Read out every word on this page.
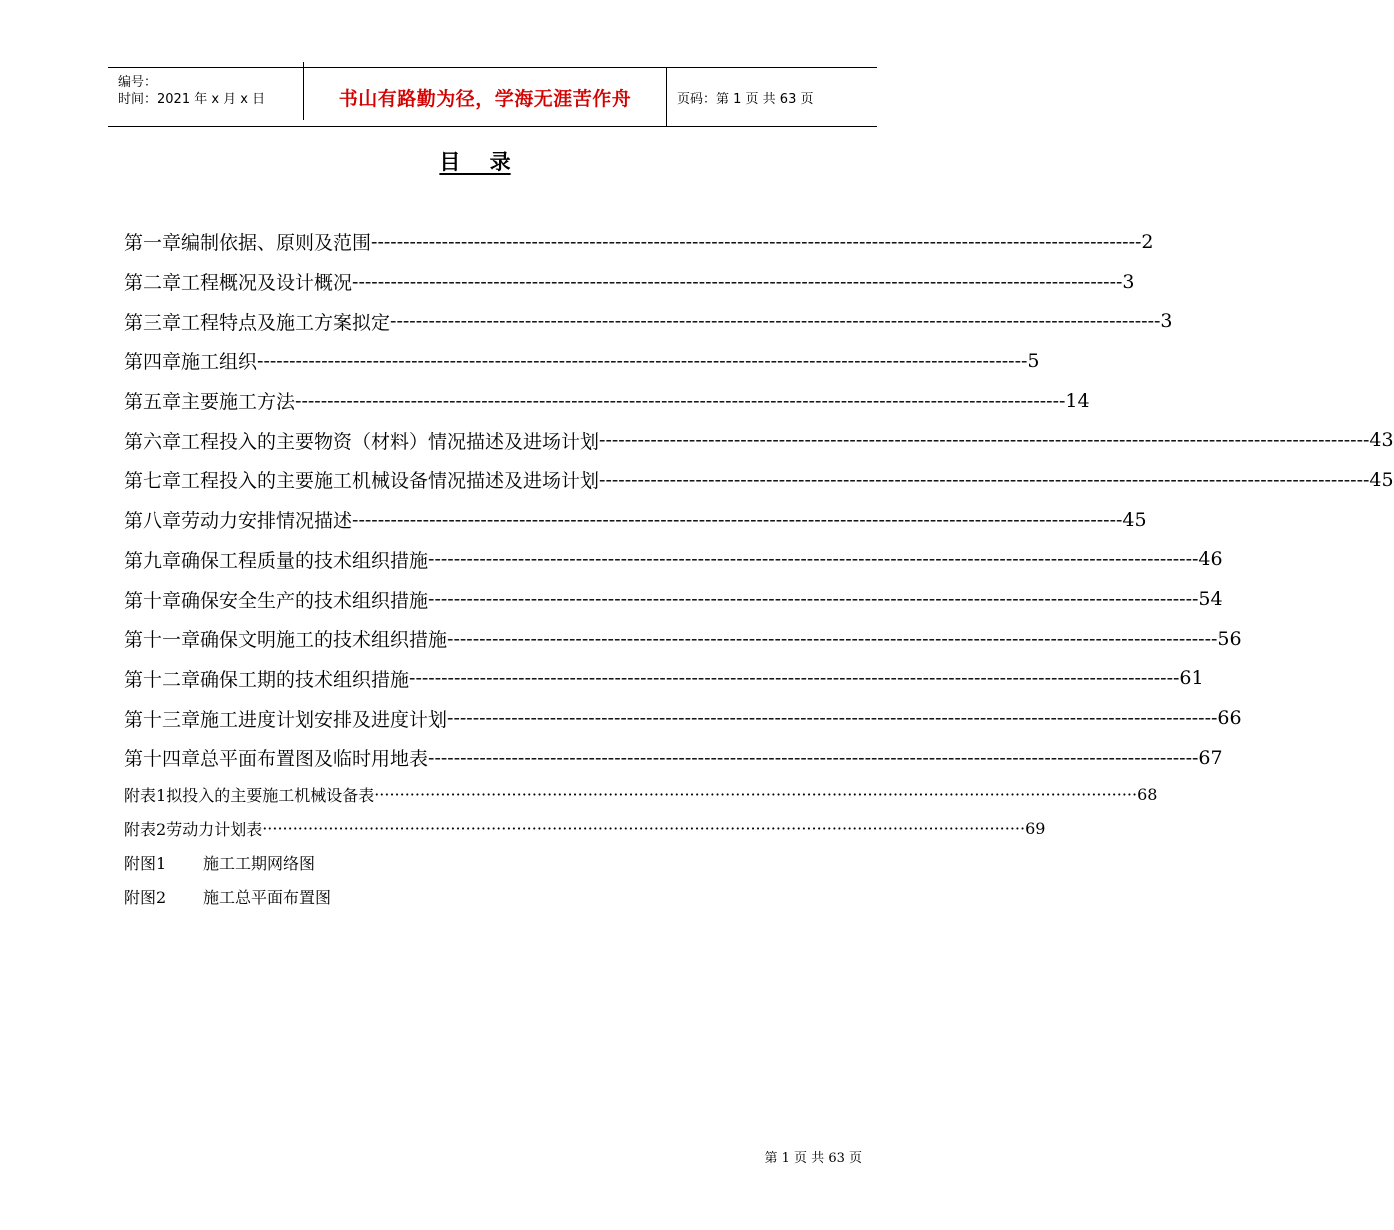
编号：
时间：2021 年 x 月 x 日	书山有路勤为径，学海无涯苦作舟	页码：第 1 页 共 63 页
目    录
第一章 编制依据、原则及范围 ------------------------------------------------------------------------------------------------------------------------ 2
第二章 工程概况及设计概况 ------------------------------------------------------------------------------------------------------------------------ 3
第三章 工程特点及施工方案拟定 ------------------------------------------------------------------------------------------------------------------------ 3
第四章 施工组织 ------------------------------------------------------------------------------------------------------------------------ 5
第五章 主要施工方法 ------------------------------------------------------------------------------------------------------------------------ 14
第六章 工程投入的主要物资（材料）情况描述及进场计划 ------------------------------------------------------------------------------------------------------------------------ 43
第七章 工程投入的主要施工机械设备情况描述及进场计划 ------------------------------------------------------------------------------------------------------------------------ 45
第八章 劳动力安排情况描述 ------------------------------------------------------------------------------------------------------------------------ 45
第九章 确保工程质量的技术组织措施 ------------------------------------------------------------------------------------------------------------------------ 46
第十章 确保安全生产的技术组织措施 ------------------------------------------------------------------------------------------------------------------------ 54
第十一章 确保文明施工的技术组织措施 ------------------------------------------------------------------------------------------------------------------------ 56
第十二章 确保工期的技术组织措施 ------------------------------------------------------------------------------------------------------------------------ 61
第十三章 施工进度计划安排及进度计划 ------------------------------------------------------------------------------------------------------------------------ 66
第十四章 总平面布置图及临时用地表 ------------------------------------------------------------------------------------------------------------------------ 67
附表1 拟投入的主要施工机械设备表 ······················································································································································ 68
附表2 劳动力计划表 ······················································································································································ 69
附图1	施工工期网络图
附图2	施工总平面布置图
第 1 页 共 63 页
